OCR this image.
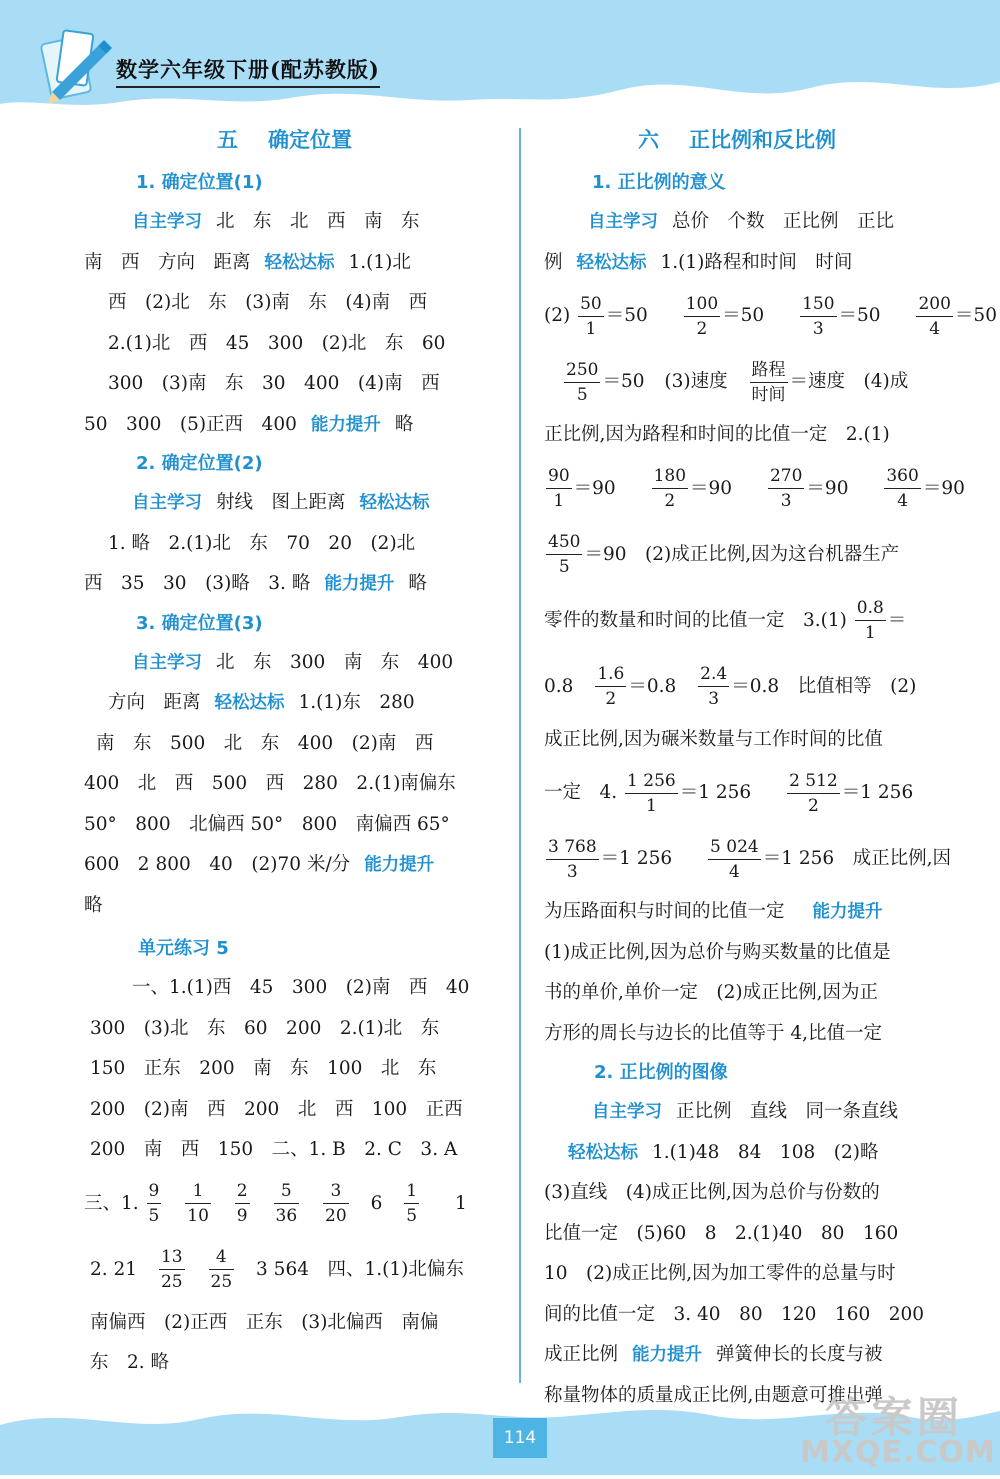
数学六年级下册(配苏教版)
五 确定位置
1. 确定位置(1)
自主学习 北　东　北　西　南　东
南　西　方向　距离 轻松达标 1.(1)北
西　(2)北　东　(3)南　东　(4)南　西
2.(1)北　西　45　300　(2)北　东　60
300　(3)南　东　30　400　(4)南　西
50　300　(5)正西　400 能力提升 略
2. 确定位置(2)
自主学习 射线　图上距离 轻松达标
1. 略　2.(1)北　东　70　20　(2)北
西　35　30　(3)略　3. 略 能力提升 略
3. 确定位置(3)
自主学习 北　东　300　南　东　400
方向　距离 轻松达标 1.(1)东　280
南　东　500　北　东　400　(2)南　西
400　北　西　500　西　280　2.(1)南偏东
50°　800　北偏西 50°　800　南偏西 65°
600　2 800　40　(2)70 米/分 能力提升
略
单元练习 5
一、1.(1)西　45　300　(2)南　西　40
300　(3)北　东　60　200　2.(1)北　东
150　正东　200　南　东　100　北　东
200　(2)南　西　200　北　西　100　正西
200　南　西　150　二、1. B　2. C　3. A
三、1. $\frac{9}{5}$
$\frac{1}{10}$
$\frac{2}{9}$
$\frac{5}{36}$
$\frac{3}{20} 6 \frac{1}{5} 1$
2. $21 \frac{13}{25}$
$\frac{4}{25} 3$ 564　四、1.(1)北偏东
南偏西　(2)正西　正东　(3)北偏西　南偏
东　2. 略
六 正比例和反比例
1. 正比例的意义
自主学习 总价　个数　正比例　正比
例 轻松达标 1.(1)路程和时间　时间
$(2) \frac{50}{1} =50 \frac{100}{2} =50 \frac{150}{3} =50 \frac{200}{4} =50$
$\frac{250}{5} =50$ (3)速度 $\frac{\text{路程}}{\text{时间}}$ ＝速度　(4)成
正比例,因为路程和时间的比值一定　2.(1)
$\frac{90}{1} =90 \frac{180}{2} =90 \frac{270}{3} =90 \frac{360}{4} =90$
$\frac{450}{5} =90$　(2)成正比例,因为这台机器生产
零件的数量和时间的比值一定　$3.(1) \frac{0.8}{1}$ ＝
$0.8 \frac{1.6}{2} =0.8 \frac{2.4}{3} =0.8$　比值相等　(2)
成正比例,因为碾米数量与工作时间的比值
一定　4. $\frac{1 256}{1} =1$ $256 \frac{2 512}{2} =1$ 256
$\frac{3 768}{3} =1$ $256 \frac{5 024}{4} =1$ 256　成正比例,因
为压路面积与时间的比值一定 能力提升
(1)成正比例,因为总价与购买数量的比值是
书的单价,单价一定　(2)成正比例,因为正
方形的周长与边长的比值等于 4,比值一定
2. 正比例的图像
自主学习 正比例　直线　同一条直线
轻松达标 1.(1)48　84　108　(2)略
(3)直线　(4)成正比例,因为总价与份数的
比值一定　(5)60　8　2.(1)40　80　160
10　(2)成正比例,因为加工零件的总量与时
间的比值一定　3. 40　80　120　160　200
成正比例 能力提升 弹簧伸长的长度与被
称量物体的质量成正比例,由题意可推出弹
114	答案圈
MXQE.COM
